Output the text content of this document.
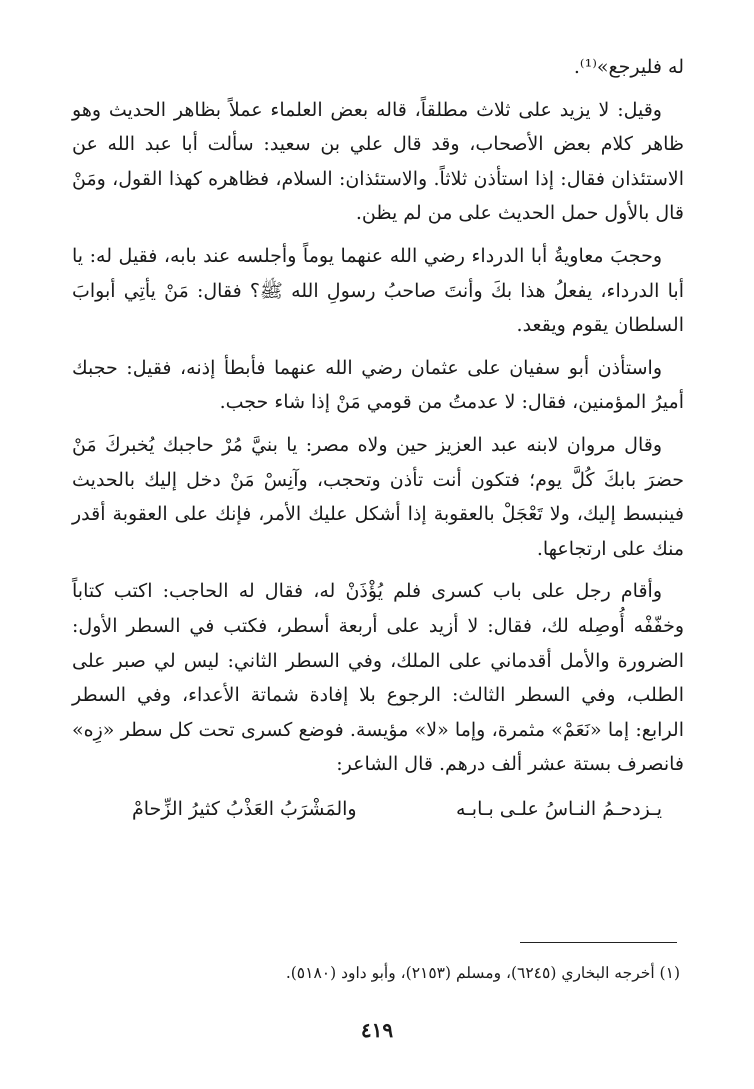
له فليرجع»⁽¹⁾.

وقيل: لا يزيد على ثلاث مطلقاً، قاله بعض العلماء عملاً بظاهر الحديث وهو ظاهر كلام بعض الأصحاب، وقد قال علي بن سعيد: سألت أبا عبد الله عن الاستئذان فقال: إذا استأذن ثلاثاً. والاستئذان: السلام، فظاهره كهذا القول، ومَنْ قال بالأول حمل الحديث على من لم يظن.

وحجبَ معاويةُ أبا الدرداء رضي الله عنهما يوماً وأجلسه عند بابه، فقيل له: يا أبا الدرداء، يفعلُ هذا بكَ وأنتَ صاحبُ رسولِ الله ﷺ؟ فقال: مَنْ يأتِي أبوابَ السلطان يقوم ويقعد.

واستأذن أبو سفيان على عثمان رضي الله عنهما فأبطأ إذنه، فقيل: حجبك أميرُ المؤمنين، فقال: لا عدمتُ من قومي مَنْ إذا شاء حجب.

وقال مروان لابنه عبد العزيز حين ولاه مصر: يا بنيَّ مُرْ حاجبك يُخبركَ مَنْ حضرَ بابكَ كُلَّ يوم؛ فتكون أنت تأذن وتحجب، وآنِسْ مَنْ دخل إليك بالحديث فينبسط إليك، ولا تَعْجَلْ بالعقوبة إذا أشكل عليك الأمر، فإنك على العقوبة أقدر منك على ارتجاعها.

وأقام رجل على باب كسرى فلم يُؤْذَنْ له، فقال له الحاجب: اكتب كتاباً وخفّفْه أُوصِله لك، فقال: لا أزيد على أربعة أسطر، فكتب في السطر الأول: الضرورة والأمل أقدماني على الملك، وفي السطر الثاني: ليس لي صبر على الطلب، وفي السطر الثالث: الرجوع بلا إفادة شماتة الأعداء، وفي السطر الرابع: إما «نَعَمْ» مثمرة، وإما «لا» مؤيسة. فوضع كسرى تحت كل سطر «زِه» فانصرف بستة عشر ألف درهم. قال الشاعر:

يـزدحـمُ النـاسُ علـى بـابـه
والمَشْرَبُ العَذْبُ كثيرُ الزِّحامْ
(١) أخرجه البخاري (٦٢٤٥)، ومسلم (٢١٥٣)، وأبو داود (٥١٨٠).
٤١٩
